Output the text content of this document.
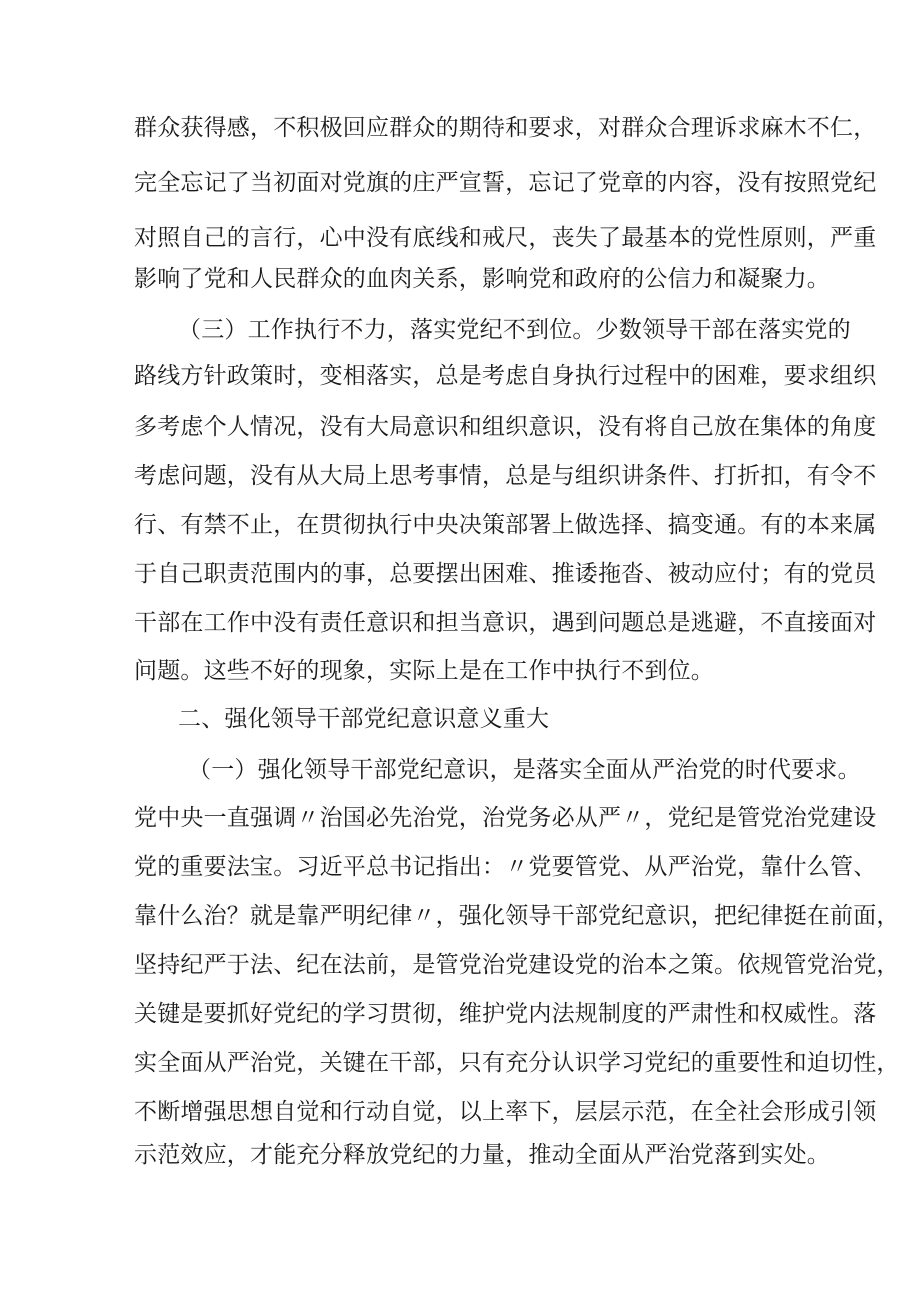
群众获得感，不积极回应群众的期待和要求，对群众合理诉求麻木不仁，
完全忘记了当初面对党旗的庄严宣誓，忘记了党章的内容，没有按照党纪
对照自己的言行，心中没有底线和戒尺，丧失了最基本的党性原则，严重
影响了党和人民群众的血肉关系，影响党和政府的公信力和凝聚力。
（三）工作执行不力，落实党纪不到位。少数领导干部在落实党的
路线方针政策时，变相落实，总是考虑自身执行过程中的困难，要求组织
多考虑个人情况，没有大局意识和组织意识，没有将自己放在集体的角度
考虑问题，没有从大局上思考事情，总是与组织讲条件、打折扣，有令不
行、有禁不止，在贯彻执行中央决策部署上做选择、搞变通。有的本来属
于自己职责范围内的事，总要摆出困难、推诿拖沓、被动应付；有的党员
干部在工作中没有责任意识和担当意识，遇到问题总是逃避，不直接面对
问题。这些不好的现象，实际上是在工作中执行不到位。
二、强化领导干部党纪意识意义重大
（一）强化领导干部党纪意识，是落实全面从严治党的时代要求。
党中央一直强调〃治国必先治党，治党务必从严〃，党纪是管党治党建设
党的重要法宝。习近平总书记指出：〃党要管党、从严治党，靠什么管、
靠什么治？就是靠严明纪律〃，强化领导干部党纪意识，把纪律挺在前面，
坚持纪严于法、纪在法前，是管党治党建设党的治本之策。依规管党治党，
关键是要抓好党纪的学习贯彻，维护党内法规制度的严肃性和权威性。落
实全面从严治党，关键在干部，只有充分认识学习党纪的重要性和迫切性，
不断增强思想自觉和行动自觉，以上率下，层层示范，在全社会形成引领
示范效应，才能充分释放党纪的力量，推动全面从严治党落到实处。
